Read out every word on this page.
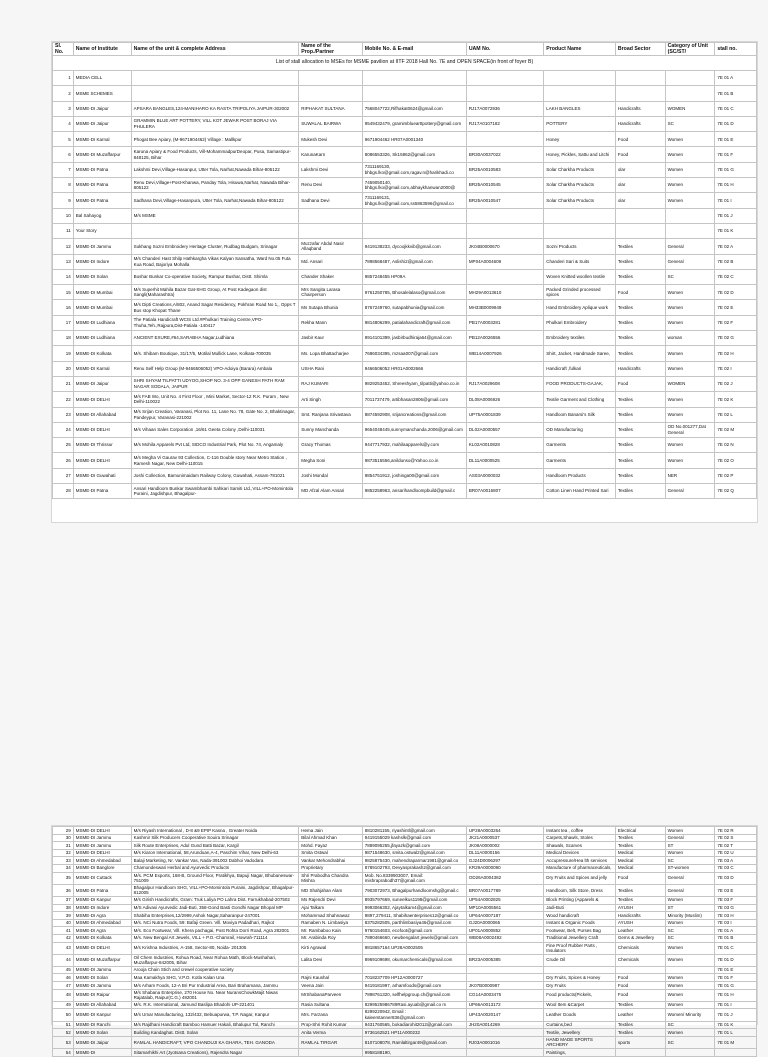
List of stall allocation to MSEs for MSME pavilion at IITF 2018 Hall No. 7E and OPEN SPACE(in front of foyer B)									
Sl. No.	Name of Institute	Name of the unit & complete Address	Name of the Prop./Partner	Mobile No. & E-mail	UAM No.	Product Name	Broad Sector	Category of Unit (SC/ST/	stall no.
1	MEDIA CELL								7E 01 A
2	MSME SCHEMES								7E 01 B
3	MSME-DI Jaipur	APSARA BANGLES,124-MANIHARO KA RASTA TRIPOLIYA JAIPUR-302002	RIPHAKAT SULTANA	7568047722,Rifhakat0624@gmail.com	RJ17A0072936	LAKH BANGLES	Handicrafts	WOMEN	7E 01 C
4	MSME-DI Jaipur	GRAMMIN BLUE ART POTTERY, VILL KOT JEWAR POST BORAJ VIA PHULERA	SUWALAL BAIRWA	9549432479, gramimbluearttpottery@gmail.com	RJ17A0107182	POTTERY	Handicrafts	SC	7E 01 D
5	MSME-DI Karnal	Phogat Bee Apiary, (M-9671904462) Village : Mallkpur	Mukesh Devi	9671904462 HR07A0001340		Honey	Food	Women	7E 01 E
6	MSME-DI Muzaffarpur	Karuna Apiary & Food Products, Vill-MohammadpurDeopar, Pusa, Samastipur-848125, Bihar	KarunaKarn	8086553326, Sk15862@gmail.com	BR30A0037022	Honey, Pickles, Sattu and Litchi	Food	Women	7E 01 F
7	MSME-DI Patna	Lakshmi Devi,Village-Hasanpur, Utter Tola, Narhat,Nawada Bihar-805122	Lakshmi Devi	7311169130, bhbgs.lko@gmail.com,ragav.n@harikhadi.co	BR25A0010583	Solar Charkha Products	olar	Women	7E 01 G
8	MSME-DI Patna	Renu Devi,Village+Post-Khanwa, Panday Tola, Hisuwa,Narhat, Nawada Bihar-805122	Renu Devi	7459050140, bhbgs.lko@gmail.com,abhaykhanwan2000@	BR25A0010545	Solar Charkha Products	olar	Women	7E 01 H
9	MSME-DI Patna	Sadhana Devi,Village-Hasanpura, Utter Tola, Narhat,Nawada Bihar-805122	Sadhana Devi	7311169131, bhbgs.lko@gmail.com,ss5863596@gmail.co	BR25A0010547	Solar Charkha Products	olar	Women	7E 01 I
10	Bal Sahayog	M/s MSME							7E 01 J
11	Your Story								7E 01 K
12	MSME-DI Jammu	Sukhang Sozni Embroidery Heritage Cluster, Rudbag Budgam, Srinagar	Muzzafar Abdul Nasir Allaqband	9419138233, dycoojkkvib@gmail.com	JK04B0000670	Sozni Products	Textiles	General	7E 02 A
13	MSME-DI Indore	M/s Chanderi Hast Shilp Hathkargha Vikas Kalyan Sansatha, Ward No.05 Futa Kua Road, Bajoriya Mohalla	Md. Ansari	7898568487, Aslishi2@gmail.com	MP04A0004609	Chanderi Sari & Suits	Textiles	General	7E 02 B
14	MSME-DI Solan	Bushar Bunkar Co-operative Society, Rampur Bushar, Distt. Shimla	Chander Shaker	9857248455 HP09A		Woven Knitted woollen textile	Textiles	SC	7E 02 C
15	MSME-DI Mumbai	M/s Superhit Mahila Bazar Gat-SHG Group, At Post Kadegaon dist Sangli(Maharashtra)	Mrs Sangita Larasa Chairperson	9761250785, Bhosalelalaso@gmail.com	MH29A0013610	Packed Grinded processed spices	Food	Women	7E 02 D
16	MSME-DI Mumbai	M/s Dipti Creations,A/802, Anand Sagar Residency, Pokhran Road No 1,, Opps T Bus stop Khopat Thane	Ms Sutapa Bhunia	8767249760, sutapabhunia@gmail.com	MH33B0009949	Hand Embroidery Aplique work	Textiles	Women	7E 02 E
17	MSME-DI Ludhiana	The Patiala Handicraft WCIS Ltd.#Phulkari Training Centre,VPO-Thuha,Teh.,Rajpura,Dist-Patiala -140417	Rekha Mann	9814806299, patialahandicraft@gmail.com	PB17A0003281	Phulkari Embroidery	Textiles	Women	7E 02 F
18	MSME-DI Ludhiana	ANCIENT EXURE,#64,SARABHA Nagar,Ludhiana	Jasbir Kaur	9914101399, jasbirbudhiraja64@gmail.com	PB12A0026556	Embroidery textiles	Textiles	woman	7E 02 G
19	MSME-DI Kolkata	M/s. Shibam Boutique, 31/17/5, Motilal Mullick Lane, Kolkata-700035	Ms. Lopa Bhattacharjee	7686034395, mzsaa007@gmail.com	WB14A0007926	Shirt, Jacket, Handmade Saree,	Textiles	Women	7E 02 H
20	MSME-DI Karnal	Renu Self Help Group (M-9466506052) VPO-Adoiya (Barara) Ambala	USHA Rani	9466506052 HR01A0002666		Handicraft ,fulkari	Handicrafts	Women	7E 02 I
21	MSME-DI Jaipur	SHRI SHYAM TILPATTI UDYOG,SHOP NO. 3-4 OPP GANESH PATH RAM NAGAR SODALA, JAIPUR	RAJ KUMARI	9829253452, Shreeshyam_tilpatti@yahoo.co.in	RJ17A0029608	FOOD PRODUCTS-GAJAK,	Food	WOMEN	7E 02 J
22	MSME-DI DELHI	M/s FAB Wo, Unit No. 4 First Floor , Mini Market, Sector-12 R.K. Puram , New Delhi-110022	Arti Singh	7011737479, artibhasan2806@gmail.com	DL08A0006926	Textile Garment and Clothing	Textiles	Women	7E 02 K
23	MSME-DI Allahabad	M/s Srijan Creation, Varanasi, Plot No. 11, Lane No. 78, Gate No. 2, Bhaktinagar, Pandeypur, Varanasi-221002	Smt. Ranjana Srivastava	8874592908, srijancreations@gmail.com	UP75A0001839	Handloom Banarsi's Silk	Textiles	Women	7E 02 L
24	MSME-DI DELHI	M/s Vihaan Sales Corporation ,16/61 Geeta Colony ,Delhi-110031	Sunny Manchanda	9654048445,sunnymanchanda.2006@gmail.com	DL02A0000557	OD Manufacturing	Textiles	OD No.001277,Dat General	7E 02 M
25	MSME-DI Thrissur	M/s Mohila Apparels Pvt Ltd, SIDCO Industrial Park, Plot No. 74, Angamaly	Gracy Thomas	9447717932, mahilaapparels@y.com	KL02A0010828	Garments	Textiles	Women	7E 02 N
26	MSME-DI DELHI	M/s Megha Vi Gaurav 93 Collection, C-116 Double story Near Metro Station , Ramesh Nagar, New Delhi-110015	Megha Soni	9873515556,anildunso@Yahoo.co.in	DL11A0000525	Garments	Textiles	Women	7E 02 O
27	MSME-DI Guwahati	Joshi Collection, Bamunimaidam Railway Colony, Guwahati, Assam-781021	Joshi Mondal	9854751912, joshinga00@gmail.com	AS03A0000032	Handloom Products	Textiles	NER	7E 02 P
28	MSME-DI Patna	Ansari Handloom Bunkar Swambhambi Sahkari Samiti Ltd.,VILL+PO-Momintola Puraini, Jagdishpur, Bhagalpur-	MD Afzal Alam Ansari	9852258963, ansarihandloompbuild@gmail.c	BR07A0016807	Cotton Linen Hand Printed Sari	Textiles	General	7E 02 Q
29	MSME-DI DELHI	M/s Riyash International , D-8 &9 EPIP Kasna , Greater Noida	Hema Jain	8810281155, riyashintl@gmail.com	UP28A0003264	Instant tea , coffee	Electrical	Women	7E 02 R
30	MSME-DI Jammu	Kashmir Silk Producers Cooperative Souira Srinagar	Bilal Ahmad Khan	9419155029 kashslk@gmail.com	JK21A0000537	Carpets,Shawls, Stoles	Textiles	General	7E 02 S
31	MSME-DI Jammu	Silk Route Enterprises, Adul Gund Batti Bazar, Kargil	Mohd. Fayaz	7889095255,jfayazk@gmail.com	JK08A0000002	Shawals, Scarves	Textiles	ST	7E 02 T
32	MSME-DI DELHI	M/s Kiaron International, 58,Arunduan,A-4, Paschim Vihar, New Delhi-63	Smita Ostwal	9871548630, smita.ostwal2@gmail.com	DL11A0000156	Medical Devices	Medical	Women	7E 02 U
33	MSME-DI Ahmedabad	Balaji Marketing, Nr. Vankar Vas, Nada-391002 Dabhoi Vadodara	Vankar Mehondrabhai	9825875430, mahendraparmar1981@gmail.co	GJ24D0006297	Accupressure/Hea lth services	Medical	SC	7E 03 A
34	MSME-DI Banglore	Chamundeswari Herbal and Ayurvedic Products	Proprietary	8789102793, Devyasprakash2@gmail.com	KR29A0000090	Manufacture of pharmaceuticals,	Medical	ST-women	7E 03 C
35	MSME-DI Cuttack	M/s. PCM Exports, 168-B, Ground Floor, Pratikhya, Bapuji Nagar, Bhubaneswar-751009	Shri Prabodha Chandra Mishra	Mob. No.8339903007, Email: mishraprabodh37@gmail.com	OD26A0004382	Dry Fruits and Spices and jelly	Food	General	7E 03 D
36	MSME-DI Patna	Bhagalpur Handloom SHG, VILL+PO-Momintola Puraini, Jagdishpur, Bhagalpur-812005	MD Shahjahan Alam	7903072973, Bhagalpurhandloomshg@gmail.c	BR07A0017789	Handloom, Silk Store, Dress	Textiles	General	7E 03 E
37	MSME-DI Kanpur	M/s Girish Handicrafts, Gram: Truk Laliya PO Lahra Dist. Farrukhabad-207502	Ms Rajendri Devi	8935797669, suneelkus1198@gmail.com	UP54A0002825	Block Printing (Apparels &	Textiles	Women	7E 03 F
38	MSME-DI Indore	M/S Adivasi Ayurvedic Jadi-Buti, 358-Gond Basti Gondhi Nagar Bhopal MP	Ajai Talkam	9993066302, Ajaytalkam4@gmail.com	MP10A0005561	Jadi-Buti	AYUSH	ST	7E 03 G
39	MSME-DI Agra	Shabiha Enterprises,12/2999,Ashok Nagar,Saharanpur-247001	Mohammad Shahnawaz	9897,279411, Shabihaenterprises12@gmail.co	UP64A0007187	Wood handicraft	Handicrafts	Minority (Muslim)	7E 03 H
40	MSME-DI Ahmedabad	M/s. NCi Nutra Foods, 59: Bafaji Green. Vill. Moviya Padadhari, Rajkot	Ramaben N. Limbasiya	8375282505, parthlimbasiya46@gmail.com	GJ20A0000065	Instant & Organic Foods	AYUSH	Women	7E 03 I
41	MSME-DI Agra	M/s. Eco Footwear, Vill. Khera pachagai, Post Rohta Dorri Road, Agra 282001	Mr. Rambaboo Kain	9760154603, ecofoot@gmail.com	UP01A0000852	Footwear, Belt, Purses Bag	Leather	SC	7E 01 A
42	MSME-DI Kolkata	M/s. New Bengal Art Jewels, VILL + P.O.-Chamrail, Howrah-711114	Mr. Arabinda Roy	7890466660, newbengalart jewels@gmail.com	WB08A0002492	Traditional Jewellery Craft	Gems & Jewellery	SC	7E 01 B
43	MSME-DI DELHI	M/s Krishna Industries, A-158, Sector-80, Noida- 201305	Kirti Agrawal	9818657164 UP28A0002505		Fine Proof Rubber Parts , Insulators	Chemicals	Women	7E 01 C
44	MSME-DI Muzaffarpur	Oil Chem Industries, Rohua Road, Near Rohua Math, Block-Mushahari, Muzaffarpur-842005, Bihar	Lalita Devi	8969109698, okumarchemicals@gmail.com	BR23A0005385	Crude Oil	Chemicals	Women	7E 01 D
45	MSME-DI Jammu	Arooja Chain Stich and crewel cooperative society							7E 01 E
46	MSME-DI Solan	Maa Kamakhya SHG, V.P.O. Kotla Kalan Una	Rajni Kaushal	7018237709 HP12A0000727		Dry Fruits, Spices & Honey	Food	Women	7E 01 F
47	MSME-DI Jammu	M/s Arham Foods, 12-A Bri Pur Industrial Area, Bari Brahamana, Jammu	Veena Jain	9419181997, arhamfoods@gmail.com	JK07B0000987	Dry Fruits	Food	Women	7E 01 G
48	MSME-DI Raipur	M/s Shabana Enterprise, 270 House No. Near NuransChowkMajit Niwas Rajatalab, Raipur(C.G.) 492001	MrShabanaParveen	7898761320, selfhelpgroup.ch@gmail.com	CG14A0003475	Food products(Pickels,	Food	Women	7E 01 H
49	MSME-DI Allahabad	M/s. R.K. International, Jamund Baslipa Bhadohi UP-221401	Rasia Sultana	8299525986789Rasi.ayuab@gmail.co m	UP66A0013172	Wool Item &Carpet	Textiles	Women	7E 01 I
50	MSME-DI Kanpur	M/s Umar Manufacturing, 132/432, Bebuapurwa, T.P. Nagar, Kanpur	Mrs. Farzana	8299220942, Email : kaleemtanner836@gmail.com	UP43A0020147	Leather Goods	Leather	Women/ Minority	7E 01 J
51	MSME-DI Ranchi	M/s Rajdhani Handicraft Bamboo Hamuer Hakali, Bhalupur Tol, Ranchi	Prop-Shri Rohit Kumar	9431760565, bokadiarohit2012@gmail.com	JH20A0014269	Curtains,bed	Textiles	SC	7E 01 K
52	MSME-DI Solan	Building Kandaghat. Distt. Solan	Anita Verma	9736162521 HP11A000232		Textile, Jewellery	Textiles	Women	7E 01 L
53	MSME-DI Jaipur	RAMLAL HANDICRAFT, VPO CHANDUJI KA GHARA, TEH. GANODA	RAMLAL TIRGAR	8107108078, Ramlaltirgar49@gmail.com	RJ03A0001016	HAND MADE SPORTS ARCHERY	sports	SC	7E 01 M
54	MSME-DI	Sitamarhikhi Art (Jyotsana Creations), Rajendra Nagar		9958188190,		Paintings,			
